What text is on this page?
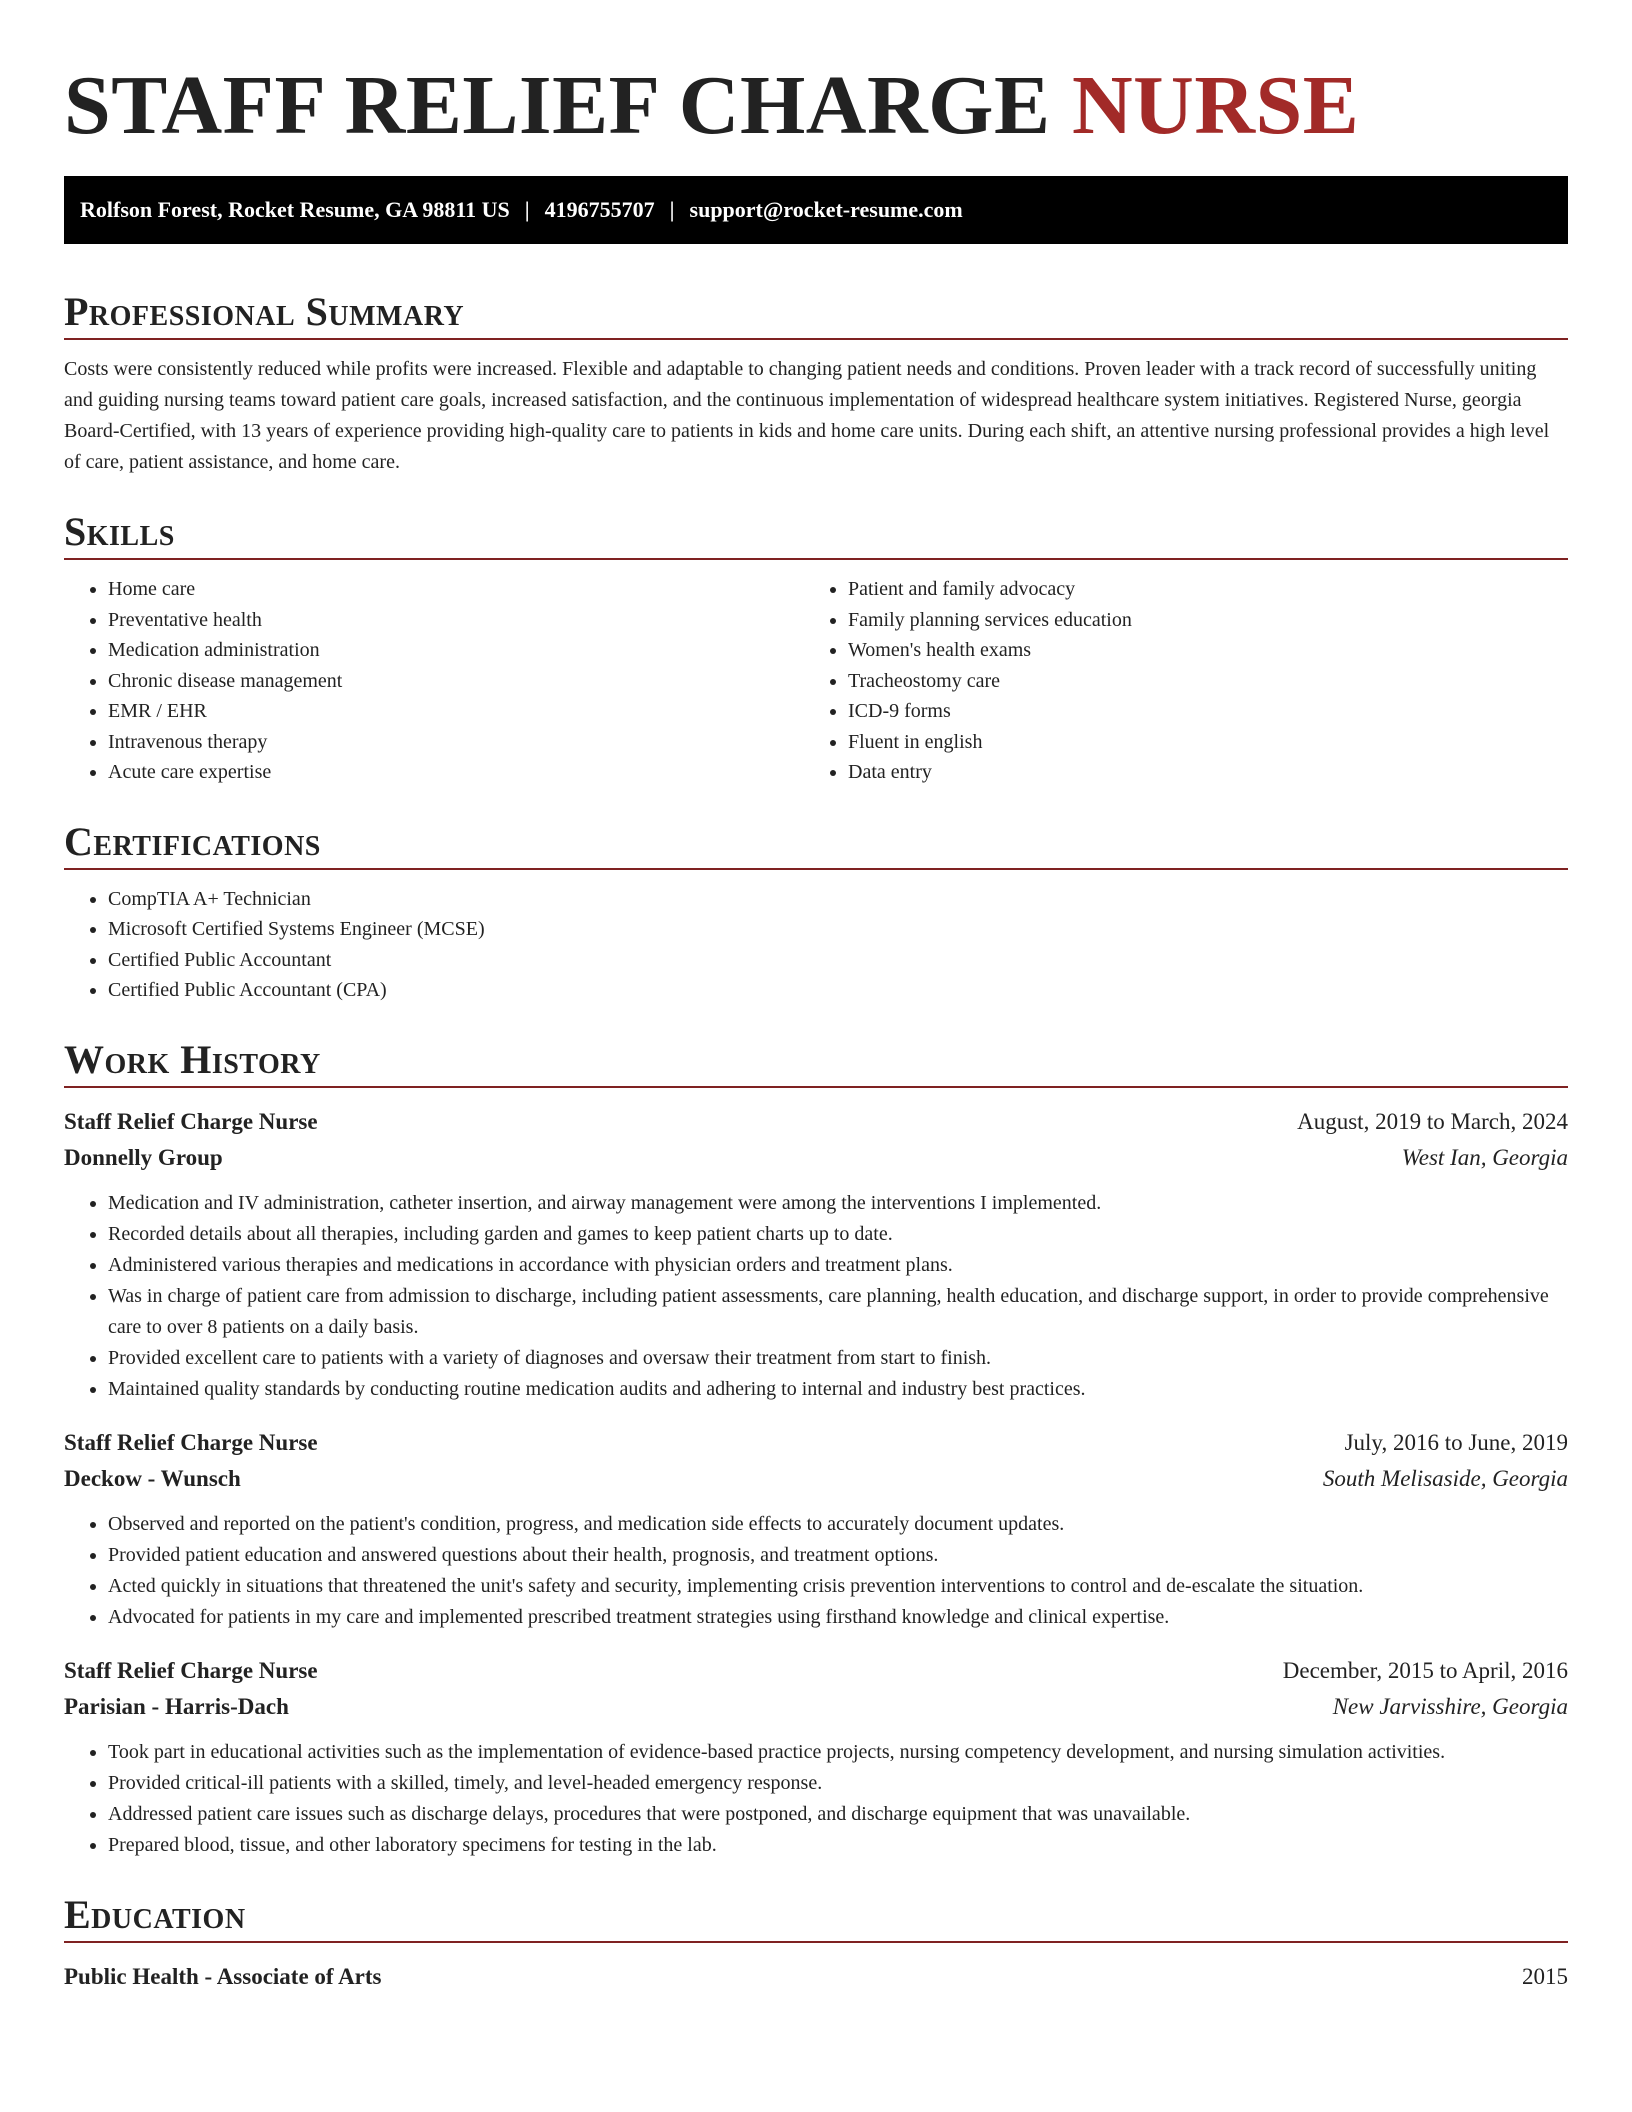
STAFF RELIEF CHARGE NURSE
Rolfson Forest, Rocket Resume, GA 98811 US | 4196755707 | support@rocket-resume.com
Professional Summary

Costs were consistently reduced while profits were increased. Flexible and adaptable to changing patient needs and conditions. Proven leader with a track record of successfully uniting and guiding nursing teams toward patient care goals, increased satisfaction, and the continuous implementation of widespread healthcare system initiatives. Registered Nurse, georgia Board-Certified, with 13 years of experience providing high-quality care to patients in kids and home care units. During each shift, an attentive nursing professional provides a high level of care, patient assistance, and home care.

Skills
• Home care
• Preventative health
• Medication administration
• Chronic disease management
• EMR / EHR
• Intravenous therapy
• Acute care expertise
• Patient and family advocacy
• Family planning services education
• Women's health exams
• Tracheostomy care
• ICD-9 forms
• Fluent in english
• Data entry
Certifications
• CompTIA A+ Technician
• Microsoft Certified Systems Engineer (MCSE)
• Certified Public Accountant
• Certified Public Accountant (CPA)
Work History
Staff Relief Charge Nurse	August, 2019 to March, 2024
Donnelly Group	West Ian, Georgia
• Medication and IV administration, catheter insertion, and airway management were among the interventions I implemented.
• Recorded details about all therapies, including garden and games to keep patient charts up to date.
• Administered various therapies and medications in accordance with physician orders and treatment plans.
• Was in charge of patient care from admission to discharge, including patient assessments, care planning, health education, and discharge support, in order to provide comprehensive care to over 8 patients on a daily basis.
• Provided excellent care to patients with a variety of diagnoses and oversaw their treatment from start to finish.
• Maintained quality standards by conducting routine medication audits and adhering to internal and industry best practices.
Staff Relief Charge Nurse	July, 2016 to June, 2019
Deckow - Wunsch	South Melisaside, Georgia
• Observed and reported on the patient's condition, progress, and medication side effects to accurately document updates.
• Provided patient education and answered questions about their health, prognosis, and treatment options.
• Acted quickly in situations that threatened the unit's safety and security, implementing crisis prevention interventions to control and de-escalate the situation.
• Advocated for patients in my care and implemented prescribed treatment strategies using firsthand knowledge and clinical expertise.
Staff Relief Charge Nurse	December, 2015 to April, 2016
Parisian - Harris-Dach	New Jarvisshire, Georgia
• Took part in educational activities such as the implementation of evidence-based practice projects, nursing competency development, and nursing simulation activities.
• Provided critical-ill patients with a skilled, timely, and level-headed emergency response.
• Addressed patient care issues such as discharge delays, procedures that were postponed, and discharge equipment that was unavailable.
• Prepared blood, tissue, and other laboratory specimens for testing in the lab.
Education
Public Health - Associate of Arts	2015
